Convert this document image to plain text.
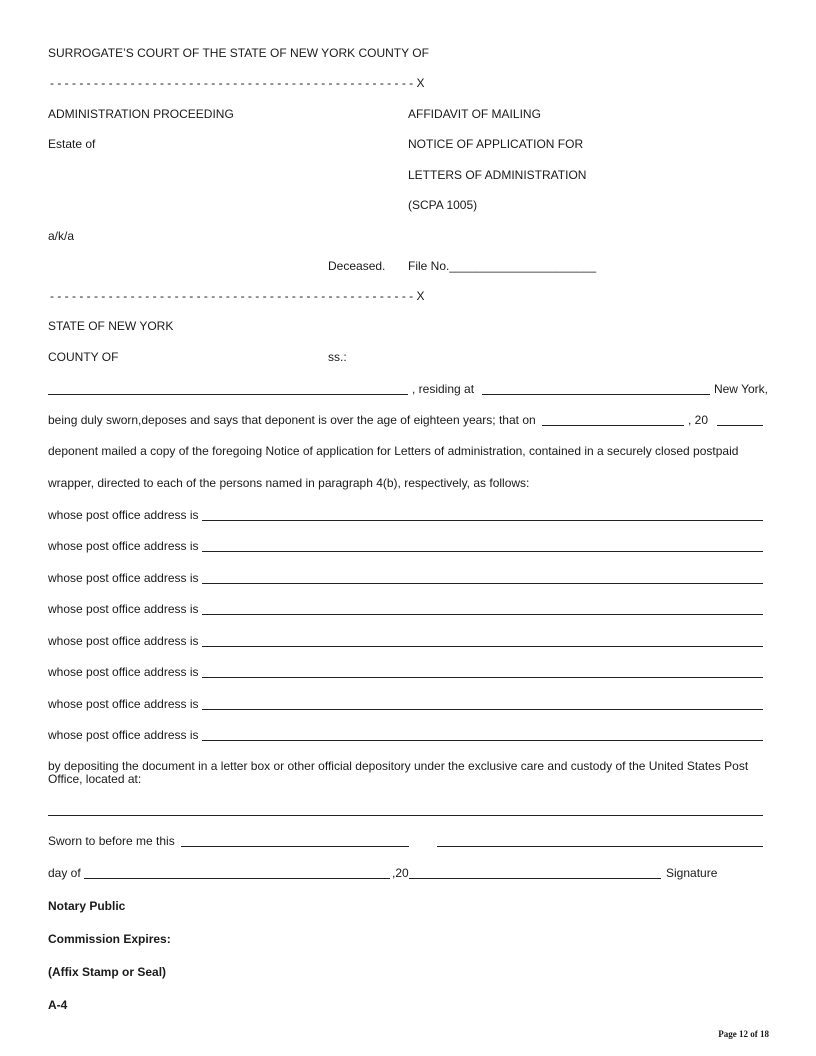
SURROGATE’S COURT OF THE STATE OF NEW YORK COUNTY OF
- - - - - - - - - - - - - - - - - - - - - - - - - - - - - - - - - - - - - - - - - - - - - - - - - - X
ADMINISTRATION PROCEEDING
Estate of
a/k/a
Deceased.
AFFIDAVIT OF MAILING
NOTICE OF APPLICATION FOR
LETTERS OF ADMINISTRATION
(SCPA 1005)
File No.______________________
- - - - - - - - - - - - - - - - - - - - - - - - - - - - - - - - - - - - - - - - - - - - - - - - - - X
STATE OF NEW YORK
COUNTY OF	ss.:
, residing at	New York,
being duly sworn,deposes and says that deponent is over the age of eighteen years; that on	, 20
deponent mailed a copy of the foregoing Notice of application for Letters of administration, contained in a securely closed postpaid
wrapper, directed to each of the persons named in paragraph 4(b), respectively, as follows:
whose post office address is
whose post office address is
whose post office address is
whose post office address is
whose post office address is
whose post office address is
whose post office address is
whose post office address is
by depositing the document in a letter box or other official depository under the exclusive care and custody of the United States Post
Office, located at:
Sworn to before me this
day of	,20	Signature
Notary Public
Commission Expires:
(Affix Stamp or Seal)
A-4
Page 12 of 18
